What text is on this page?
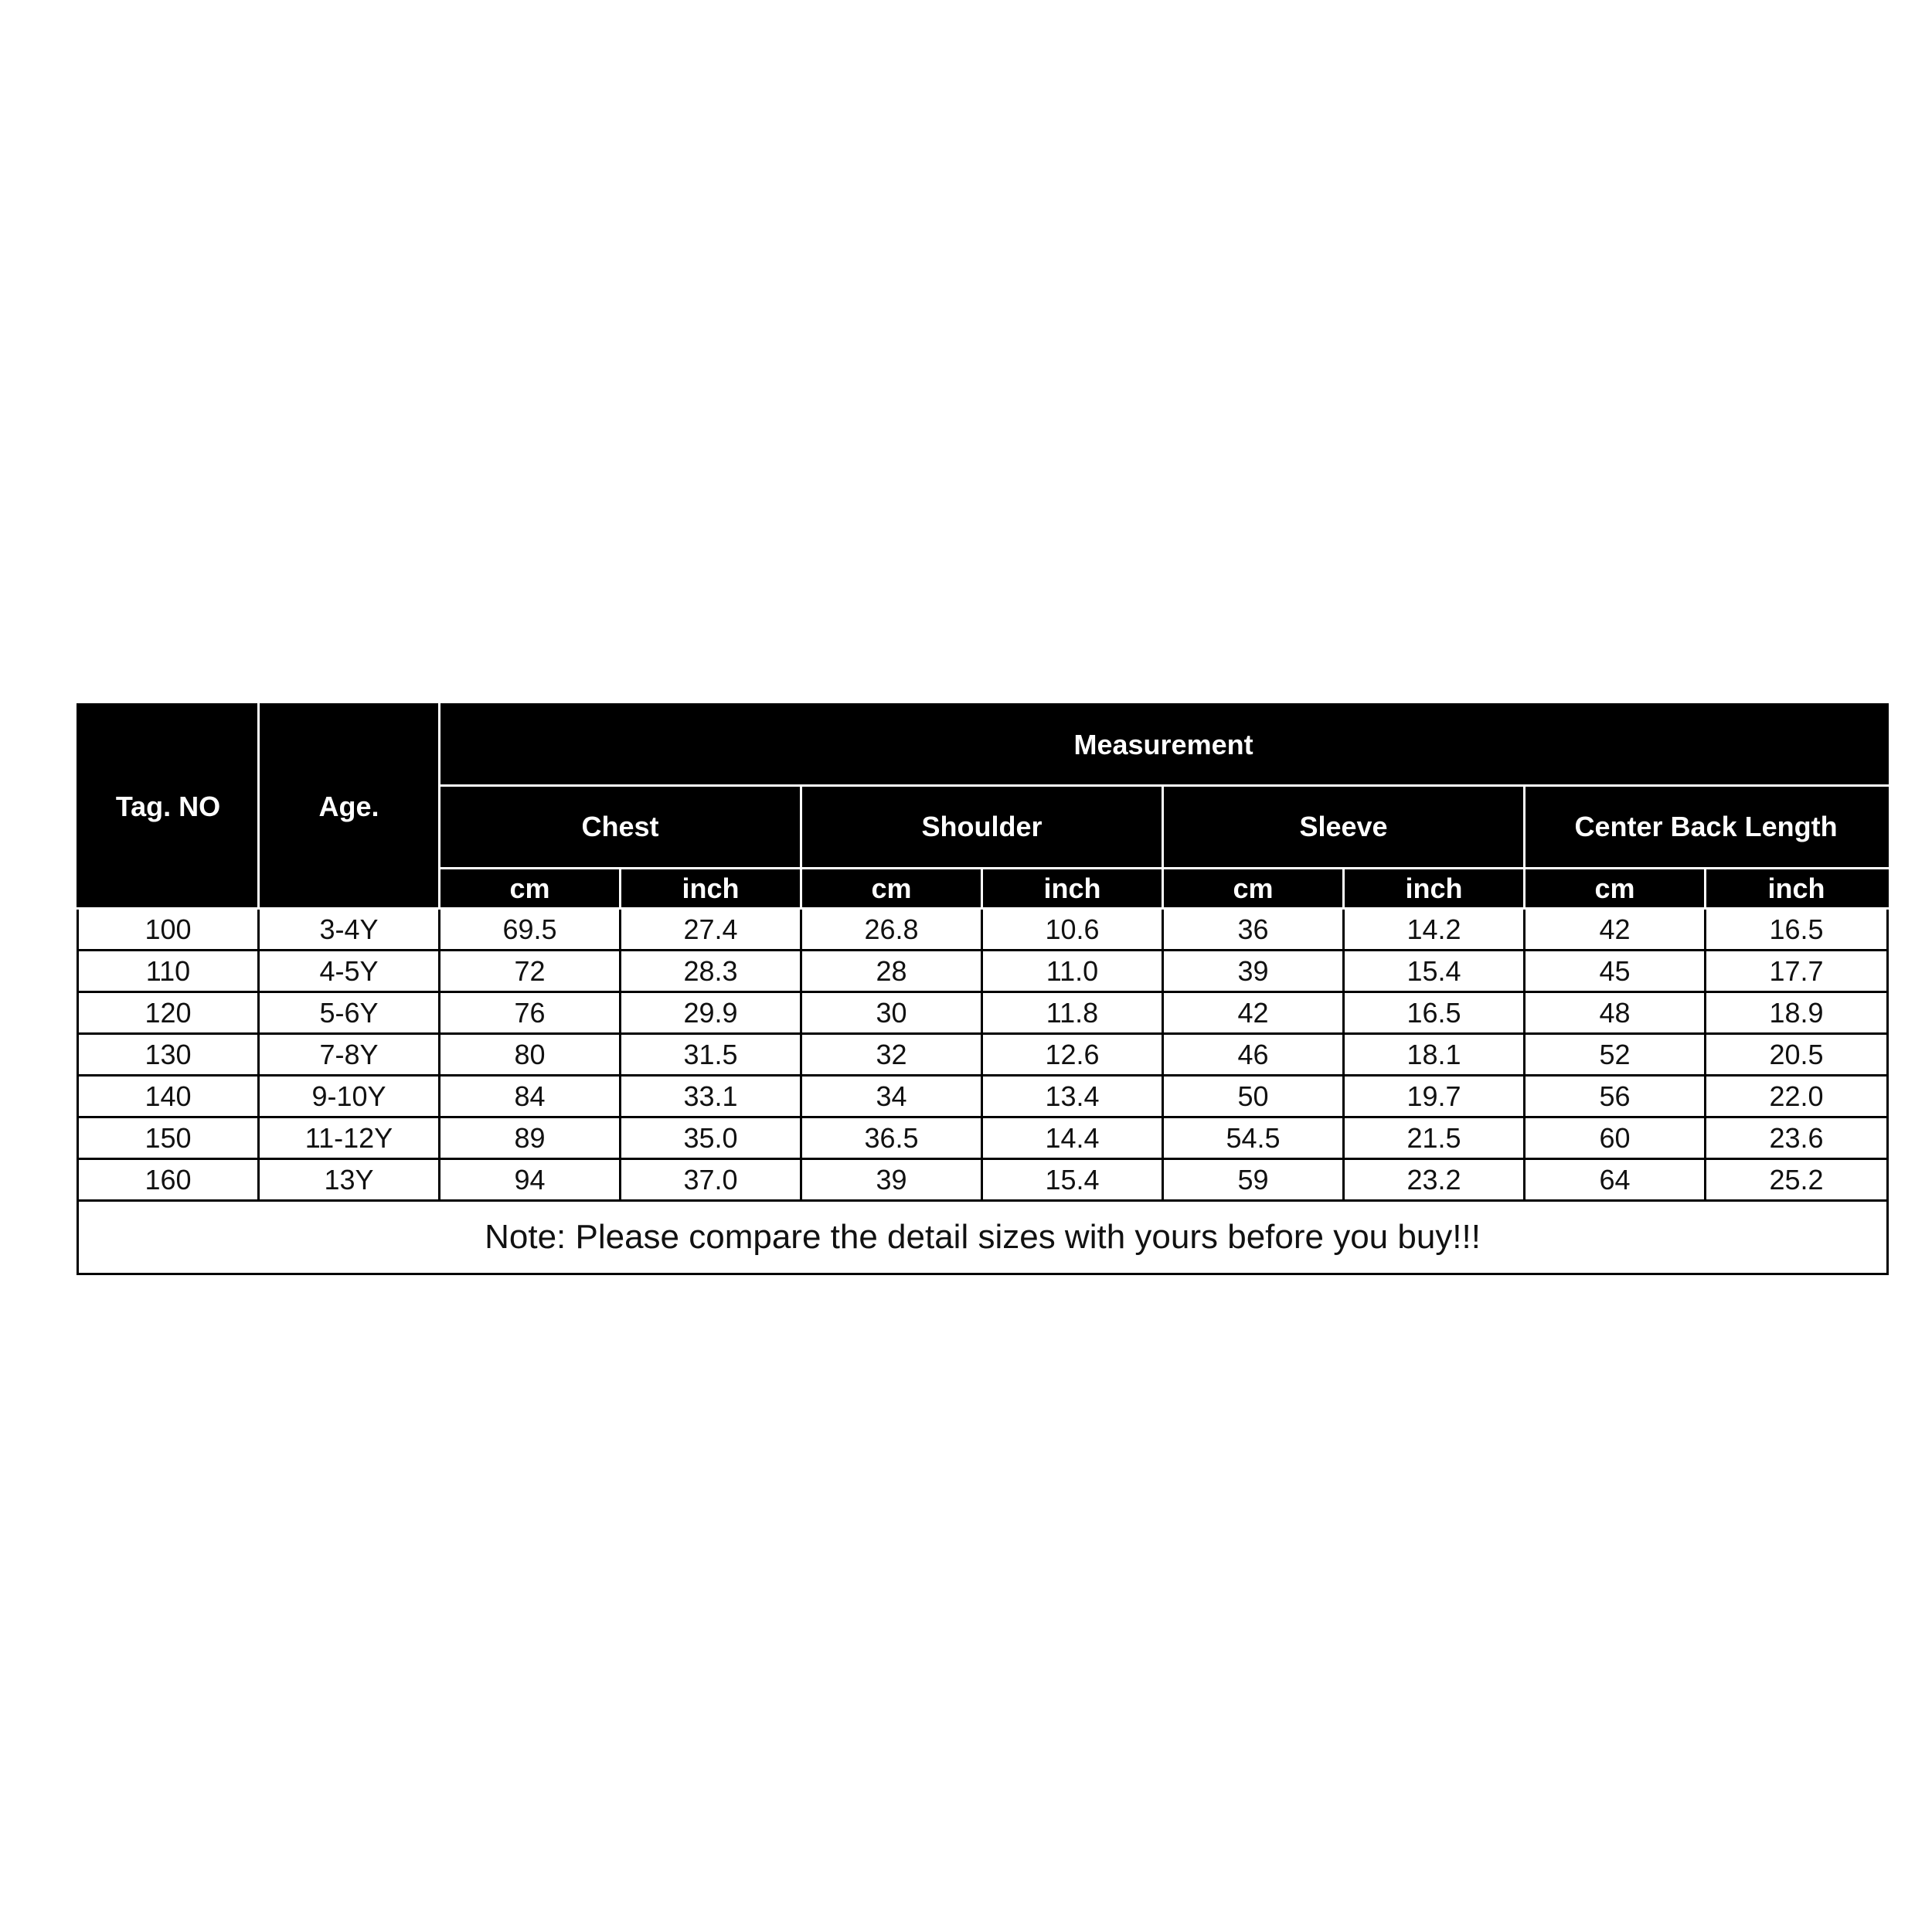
Tag. NO	Age.	Measurement							
		Chest		Shoulder		Sleeve		Center Back Length	
		cm	inch	cm	inch	cm	inch	cm	inch
100	3-4Y	69.5	27.4	26.8	10.6	36	14.2	42	16.5
110	4-5Y	72	28.3	28	11.0	39	15.4	45	17.7
120	5-6Y	76	29.9	30	11.8	42	16.5	48	18.9
130	7-8Y	80	31.5	32	12.6	46	18.1	52	20.5
140	9-10Y	84	33.1	34	13.4	50	19.7	56	22.0
150	11-12Y	89	35.0	36.5	14.4	54.5	21.5	60	23.6
160	13Y	94	37.0	39	15.4	59	23.2	64	25.2
Note: Please compare the detail sizes with yours before you buy!!!									
